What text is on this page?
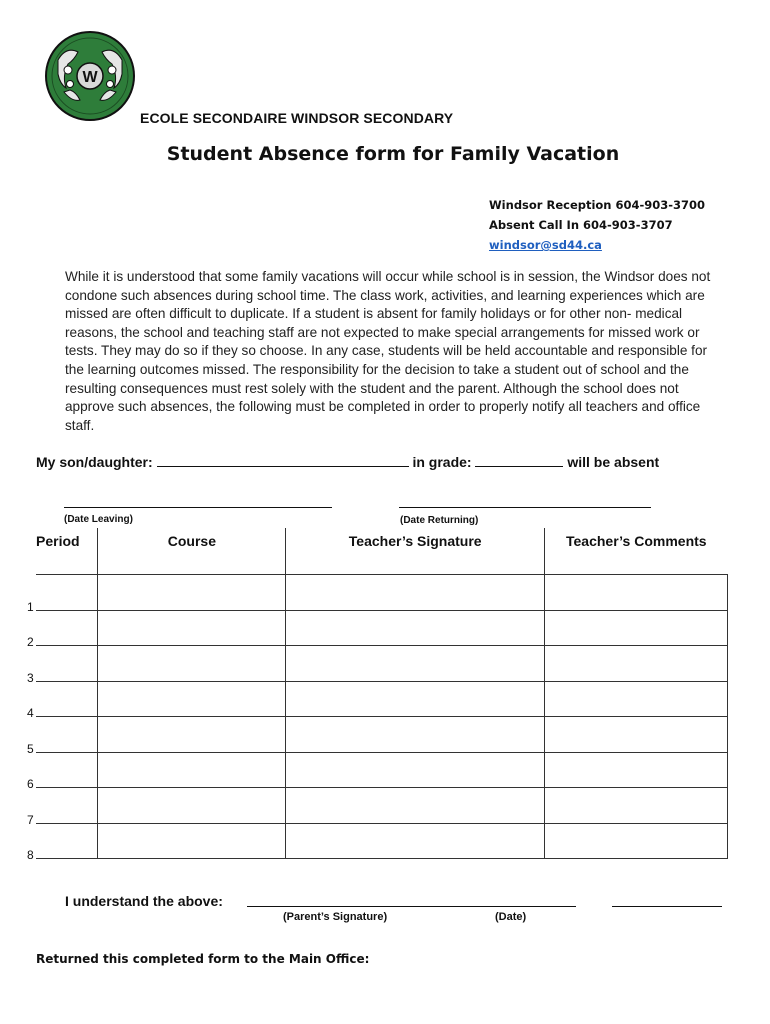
W
ECOLE SECONDAIRE WINDSOR SECONDARY
Student Absence form for Family Vacation
Windsor Reception 604-903-3700
Absent Call In 604-903-3707
windsor@sd44.ca
While it is understood that some family vacations will occur while school is in session, the Windsor does not condone such absences during school time. The class work, activities, and learning experiences which are missed are often difficult to duplicate. If a student is absent for family holidays or for other non- medical reasons, the school and teaching staff are not expected to make special arrangements for missed work or tests. They may do so if they so choose. In any case, students will be held accountable and responsible for the learning outcomes missed. The responsibility for the decision to take a student out of school and the resulting consequences must rest solely with the student and the parent. Although the school does not approve such absences, the following must be completed in order to properly notify all teachers and office staff.
My son/daughter:	in grade:	will be absent
(Date Leaving)	(Date Returning)
Period	Course	Teacher’s Signature	Teacher’s Comments
1			
2			
3			
4			
5			
6			
7			
8			
I understand the above:
(Parent’s Signature)	(Date)
Returned this completed form to the Main Office:
